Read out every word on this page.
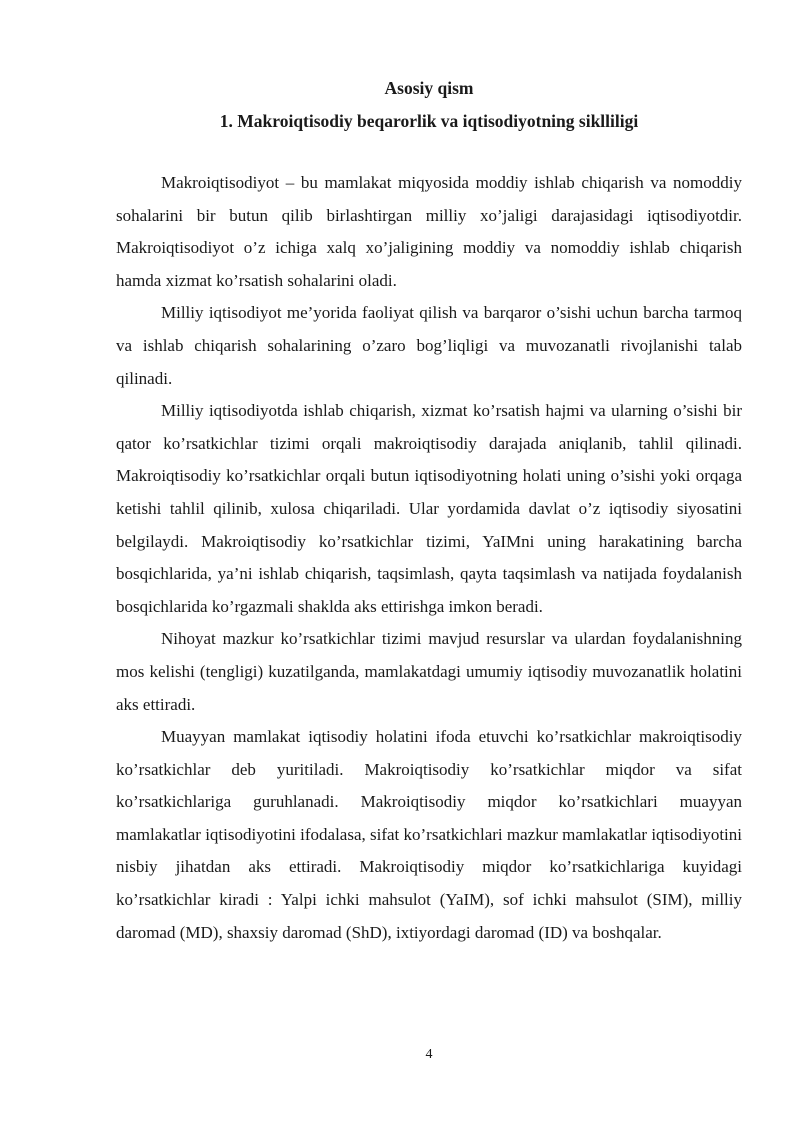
Asosiy qism
1. Makroiqtisodiy beqarorlik va iqtisodiyotning siklliligi

Makroiqtisodiyot – bu mamlakat miqyosida moddiy ishlab chiqarish va nomoddiy sohalarini bir butun qilib birlashtirgan milliy xo’jaligi darajasidagi iqtisodiyotdir. Makroiqtisodiyot o’z ichiga xalq xo’jaligining moddiy va nomoddiy ishlab chiqarish hamda xizmat ko’rsatish sohalarini oladi.

Milliy iqtisodiyot me’yorida faoliyat qilish va barqaror o’sishi uchun barcha tarmoq va ishlab chiqarish sohalarining o’zaro bog’liqligi va muvozanatli rivojlanishi talab qilinadi.

Milliy iqtisodiyotda ishlab chiqarish, xizmat ko’rsatish hajmi va ularning o’sishi bir qator ko’rsatkichlar tizimi orqali makroiqtisodiy darajada aniqlanib, tahlil qilinadi. Makroiqtisodiy ko’rsatkichlar orqali butun iqtisodiyotning holati uning o’sishi yoki orqaga ketishi tahlil qilinib, xulosa chiqariladi. Ular yordamida davlat o’z iqtisodiy siyosatini belgilaydi. Makroiqtisodiy ko’rsatkichlar tizimi, YaIMni uning harakatining barcha bosqichlarida, ya’ni ishlab chiqarish, taqsimlash, qayta taqsimlash va natijada foydalanish bosqichlarida ko’rgazmali shaklda aks ettirishga imkon beradi.

Nihoyat mazkur ko’rsatkichlar tizimi mavjud resurslar va ulardan foydalanishning mos kelishi (tengligi) kuzatilganda, mamlakatdagi umumiy iqtisodiy muvozanatlik holatini aks ettiradi.

Muayyan mamlakat iqtisodiy holatini ifoda etuvchi ko’rsatkichlar makroiqtisodiy ko’rsatkichlar deb yuritiladi. Makroiqtisodiy ko’rsatkichlar miqdor va sifat ko’rsatkichlariga guruhlanadi. Makroiqtisodiy miqdor ko’rsatkichlari muayyan mamlakatlar iqtisodiyotini ifodalasa, sifat ko’rsatkichlari mazkur mamlakatlar iqtisodiyotini nisbiy jihatdan aks ettiradi. Makroiqtisodiy miqdor ko’rsatkichlariga kuyidagi ko’rsatkichlar kiradi : Yalpi ichki mahsulot (YaIM), sof ichki mahsulot (SIM), milliy daromad (MD), shaxsiy daromad (ShD), ixtiyordagi daromad (ID) va boshqalar.

4
